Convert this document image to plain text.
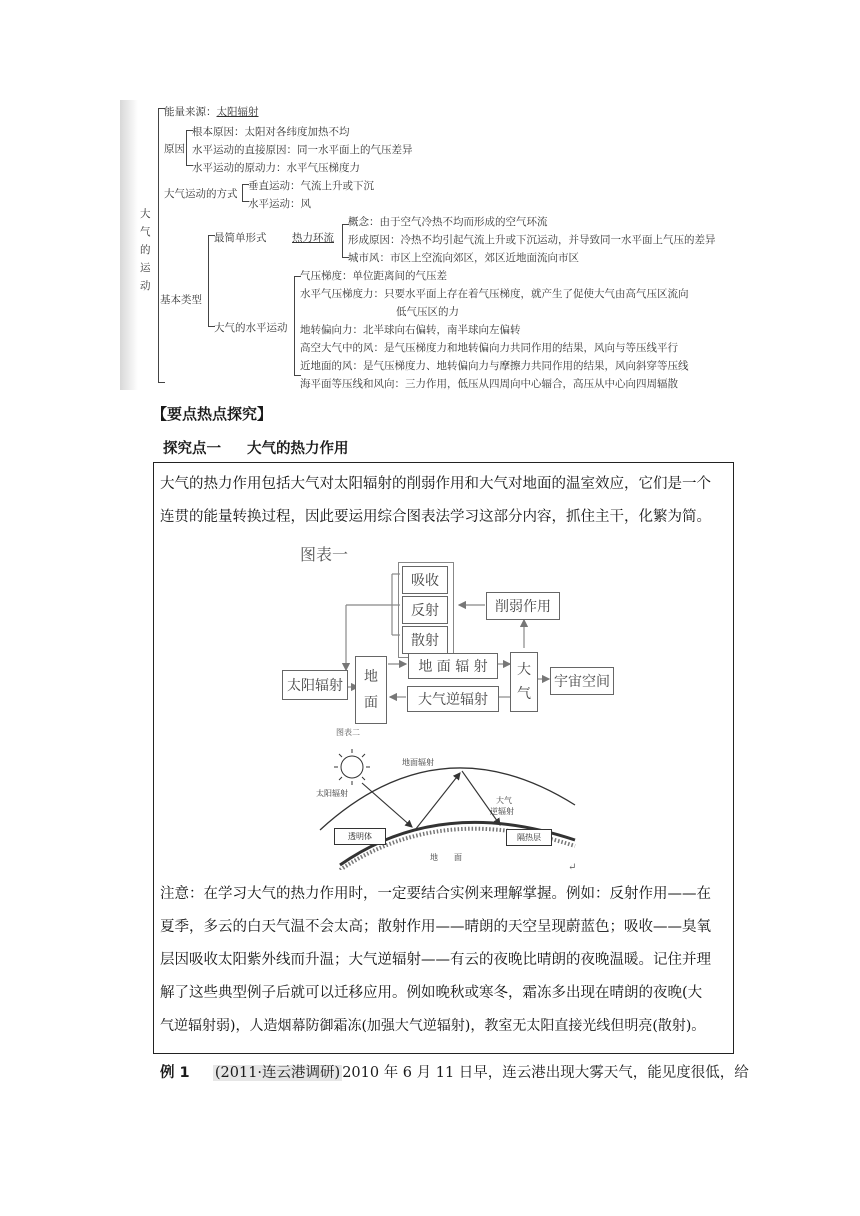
大气的运动
能量来源：太阳辐射
原因
根本原因：太阳对各纬度加热不均
水平运动的直接原因：同一水平面上的气压差异
水平运动的原动力：水平气压梯度力
大气运动的方式
垂直运动：气流上升或下沉
水平运动：风
基本类型
最简单形式 热力环流
概念：由于空气冷热不均而形成的空气环流
形成原因：冷热不均引起气流上升或下沉运动，并导致同一水平面上气压的差异
城市风：市区上空流向郊区，郊区近地面流向市区
大气的水平运动
气压梯度：单位距离间的气压差
水平气压梯度力：只要水平面上存在着气压梯度，就产生了促使大气由高气压区流向
低气压区的力
地转偏向力：北半球向右偏转，南半球向左偏转
高空大气中的风：是气压梯度力和地转偏向力共同作用的结果，风向与等压线平行
近地面的风：是气压梯度力、地转偏向力与摩擦力共同作用的结果，风向斜穿等压线
海平面等压线和风向：三力作用，低压从四周向中心辐合，高压从中心向四周辐散
【要点热点探究】
探究点一 大气的热力作用
大气的热力作用包括大气对太阳辐射的削弱作用和大气对地面的温室效应，它们是一个
连贯的能量转换过程，因此要运用综合图表法学习这部分内容，抓住主干，化繁为简。
图表一
吸收
反射
散射
削弱作用
太阳辐射
地
面
地 面 辐 射	大
气
宇宙空间
大气逆辐射
图表二
太阳辐射
地面辐射
大气
逆辐射
透明体	隔热层
地　　面
↵
注意：在学习大气的热力作用时，一定要结合实例来理解掌握。例如：反射作用——在
夏季，多云的白天气温不会太高；散射作用——晴朗的天空呈现蔚蓝色；吸收——臭氧
层因吸收太阳紫外线而升温；大气逆辐射——有云的夜晚比晴朗的夜晚温暖。记住并理
解了这些典型例子后就可以迁移应用。例如晚秋或寒冬，霜冻多出现在晴朗的夜晚(大
气逆辐射弱)，人造烟幕防御霜冻(加强大气逆辐射)，教室无太阳直接光线但明亮(散射)。
例 1 (2011·连云港调研) 2010 年 6 月 11 日早，连云港出现大雾天气，能见度很低，给
